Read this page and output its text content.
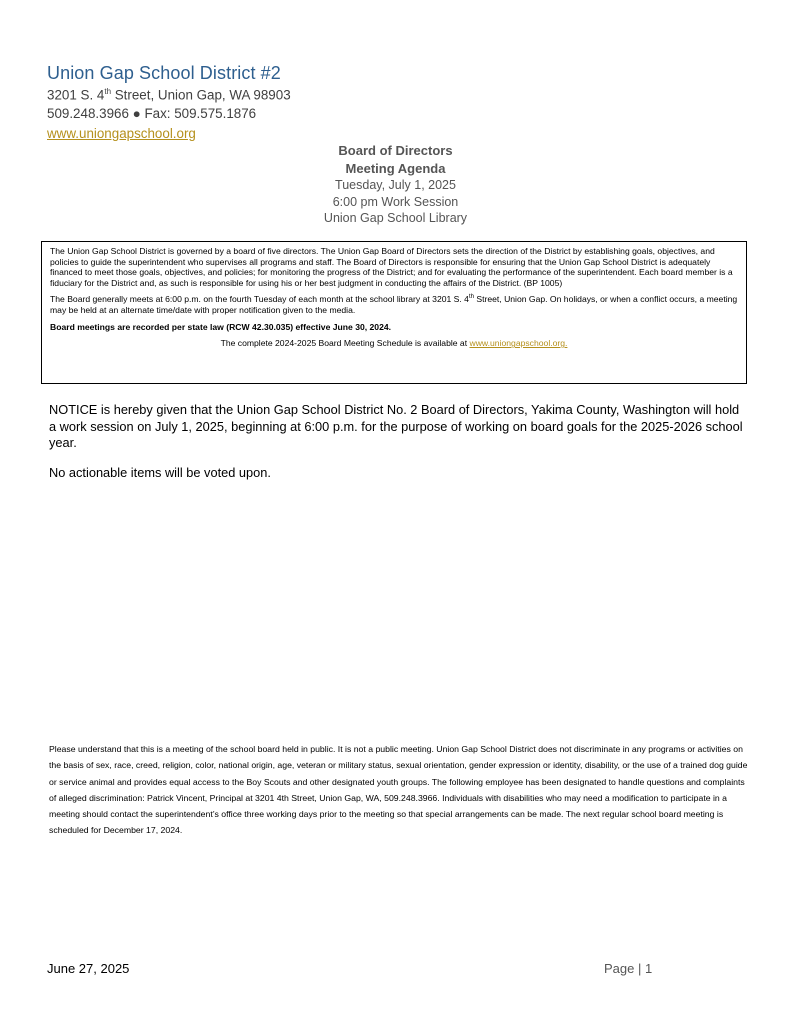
Union Gap School District #2
3201 S. 4th Street, Union Gap, WA 98903
509.248.3966 ● Fax: 509.575.1876
www.uniongapschool.org
Board of Directors
Meeting Agenda
Tuesday, July 1, 2025
6:00 pm Work Session
Union Gap School Library

The Union Gap School District is governed by a board of five directors. The Union Gap Board of Directors sets the direction of the District by establishing goals, objectives, and policies to guide the superintendent who supervises all programs and staff. The Board of Directors is responsible for ensuring that the Union Gap School District is adequately financed to meet those goals, objectives, and policies; for monitoring the progress of the District; and for evaluating the performance of the superintendent. Each board member is a fiduciary for the District and, as such is responsible for using his or her best judgment in conducting the affairs of the District. (BP 1005)

The Board generally meets at 6:00 p.m. on the fourth Tuesday of each month at the school library at 3201 S. 4th Street, Union Gap. On holidays, or when a conflict occurs, a meeting may be held at an alternate time/date with proper notification given to the media.

Board meetings are recorded per state law (RCW 42.30.035) effective June 30, 2024.

The complete 2024-2025 Board Meeting Schedule is available at www.uniongapschool.org.

NOTICE is hereby given that the Union Gap School District No. 2 Board of Directors, Yakima County, Washington will hold a work session on July 1, 2025, beginning at 6:00 p.m. for the purpose of working on board goals for the 2025-2026 school year.
No actionable items will be voted upon.
Please understand that this is a meeting of the school board held in public. It is not a public meeting. Union Gap School District does not discriminate in any programs or activities on the basis of sex, race, creed, religion, color, national origin, age, veteran or military status, sexual orientation, gender expression or identity, disability, or the use of a trained dog guide or service animal and provides equal access to the Boy Scouts and other designated youth groups. The following employee has been designated to handle questions and complaints of alleged discrimination: Patrick Vincent, Principal at 3201 4th Street, Union Gap, WA, 509.248.3966. Individuals with disabilities who may need a modification to participate in a meeting should contact the superintendent’s office three working days prior to the meeting so that special arrangements can be made. The next regular school board meeting is scheduled for December 17, 2024.
June 27, 2025	Page | 1
